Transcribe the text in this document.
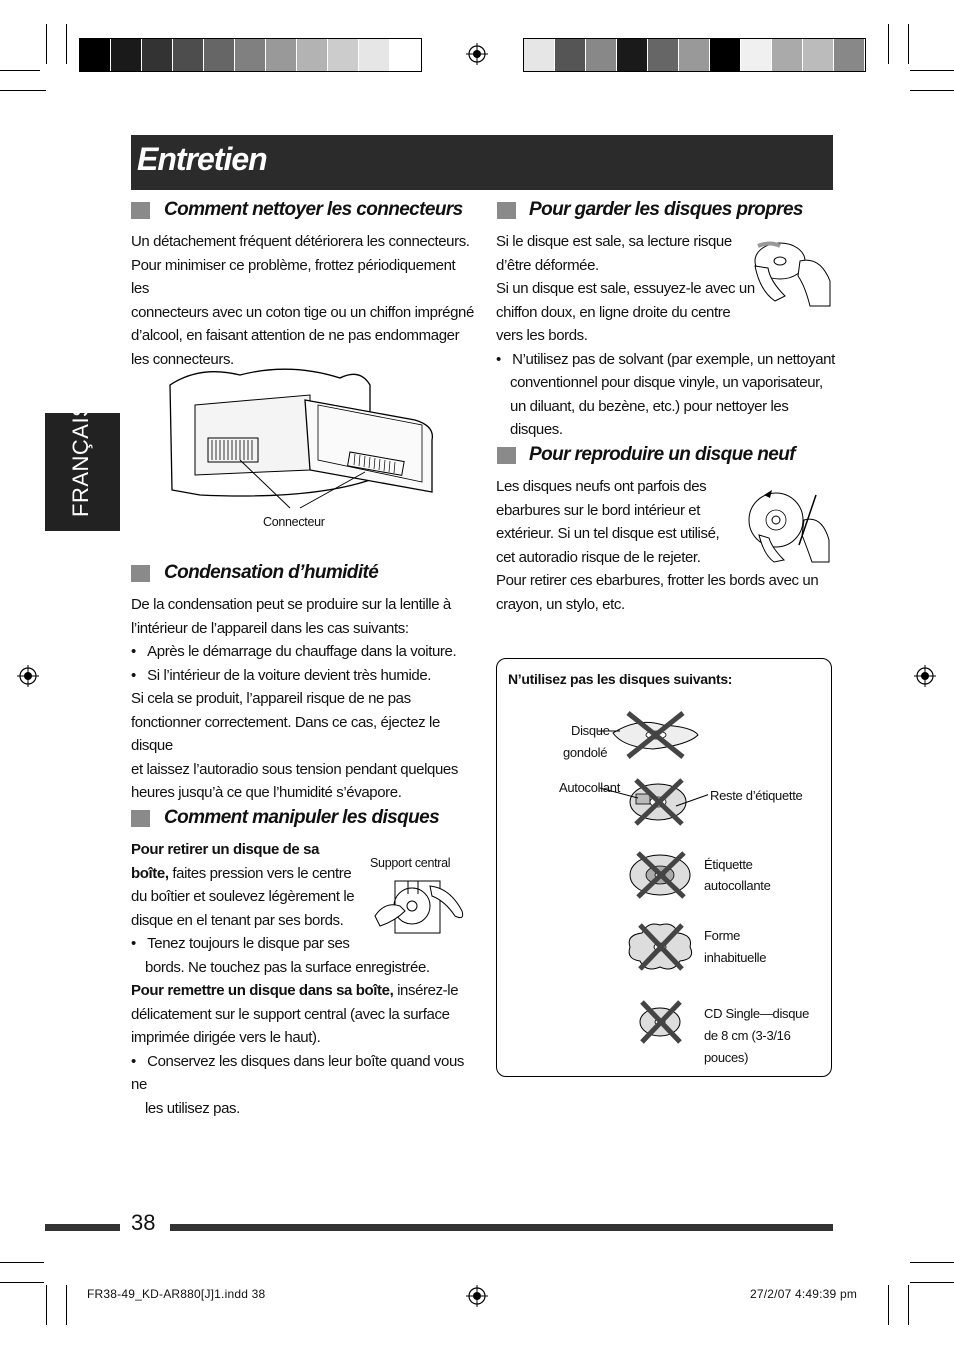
Entretien
FRANÇAIS
Comment nettoyer les connecteurs

Un détachement fréquent détériorera les connecteurs.

Pour minimiser ce problème, frottez périodiquement les

connecteurs avec un coton tige ou un chiffon imprégné

d’alcool, en faisant attention de ne pas endommager

les connecteurs.

Connecteur
Condensation d’humidité

De la condensation peut se produire sur la lentille à

l’intérieur de l’appareil dans les cas suivants:

•   Après le démarrage du chauffage dans la voiture.

•   Si l’intérieur de la voiture devient très humide.

Si cela se produit, l’appareil risque de ne pas

fonctionner correctement. Dans ce cas, éjectez le disque

et laissez l’autoradio sous tension pendant quelques

heures jusqu’à ce que l’humidité s’évapore.

Comment manipuler les disques

Pour retirer un disque de sa

boîte, faites pression vers le centre

du boîtier et soulevez légèrement le

disque en el tenant par ses bords.

•   Tenez toujours le disque par ses

bords. Ne touchez pas la surface enregistrée.

Pour remettre un disque dans sa boîte, insérez-le

délicatement sur le support central (avec la surface

imprimée dirigée vers le haut).

•   Conservez les disques dans leur boîte quand vous ne

les utilisez pas.

Support central
Pour garder les disques propres

Si le disque est sale, sa lecture risque

d’être déformée.

Si un disque est sale, essuyez-le avec un

chiffon doux, en ligne droite du centre

vers les bords.

•   N’utilisez pas de solvant (par exemple, un nettoyant

conventionnel pour disque vinyle, un vaporisateur,

un diluant, du bezène, etc.) pour nettoyer les disques.

Pour reproduire un disque neuf

Les disques neufs ont parfois des

ebarbures sur le bord intérieur et

extérieur. Si un tel disque est utilisé,

cet autoradio risque de le rejeter.

Pour retirer ces ebarbures, frotter les bords avec un

crayon, un stylo, etc.

N’utilisez pas les disques suivants:
Disque
gondolé
Autocollant
Reste d’étiquette
Étiquette
autocollante
Forme
inhabituelle
CD Single—disque
de 8 cm (3-3/16
pouces)
38
FR38-49_KD-AR880[J]1.indd 38	27/2/07 4:49:39 pm
